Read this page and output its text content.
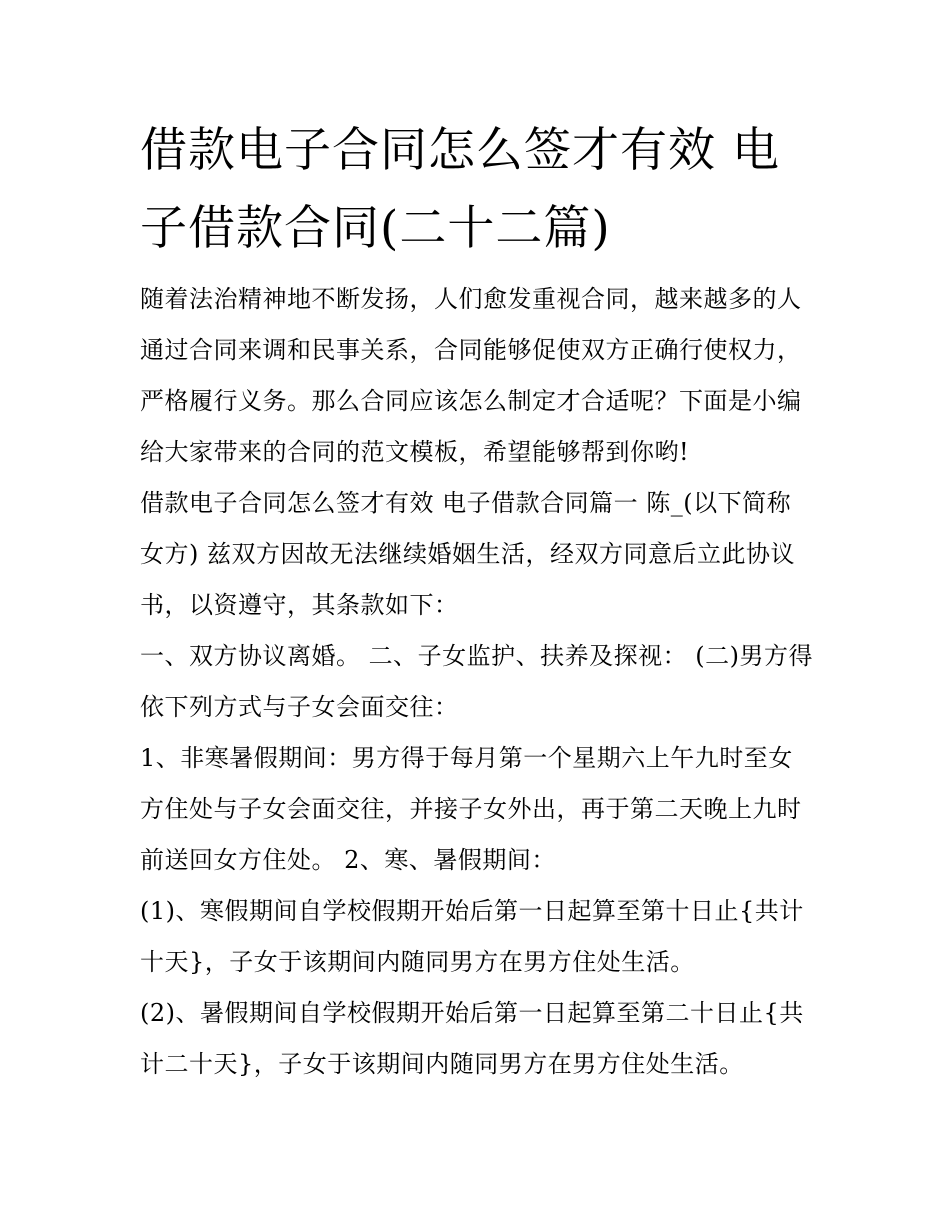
借款电子合同怎么签才有效 电子借款合同(二十二篇)

随着法治精神地不断发扬，人们愈发重视合同，越来越多的人通过合同来调和民事关系，合同能够促使双方正确行使权力，严格履行义务。那么合同应该怎么制定才合适呢？下面是小编给大家带来的合同的范文模板，希望能够帮到你哟!

借款电子合同怎么签才有效 电子借款合同篇一 陈_(以下简称女方) 兹双方因故无法继续婚姻生活，经双方同意后立此协议书，以资遵守，其条款如下：

一、双方协议离婚。 二、子女监护、扶养及探视： (二)男方得依下列方式与子女会面交往：

1、非寒暑假期间：男方得于每月第一个星期六上午九时至女方住处与子女会面交往，并接子女外出，再于第二天晚上九时前送回女方住处。 2、寒、暑假期间：

(1)、寒假期间自学校假期开始后第一日起算至第十日止{共计十天}，子女于该期间内随同男方在男方住处生活。

(2)、暑假期间自学校假期开始后第一日起算至第二十日止{共计二十天}，子女于该期间内随同男方在男方住处生活。
